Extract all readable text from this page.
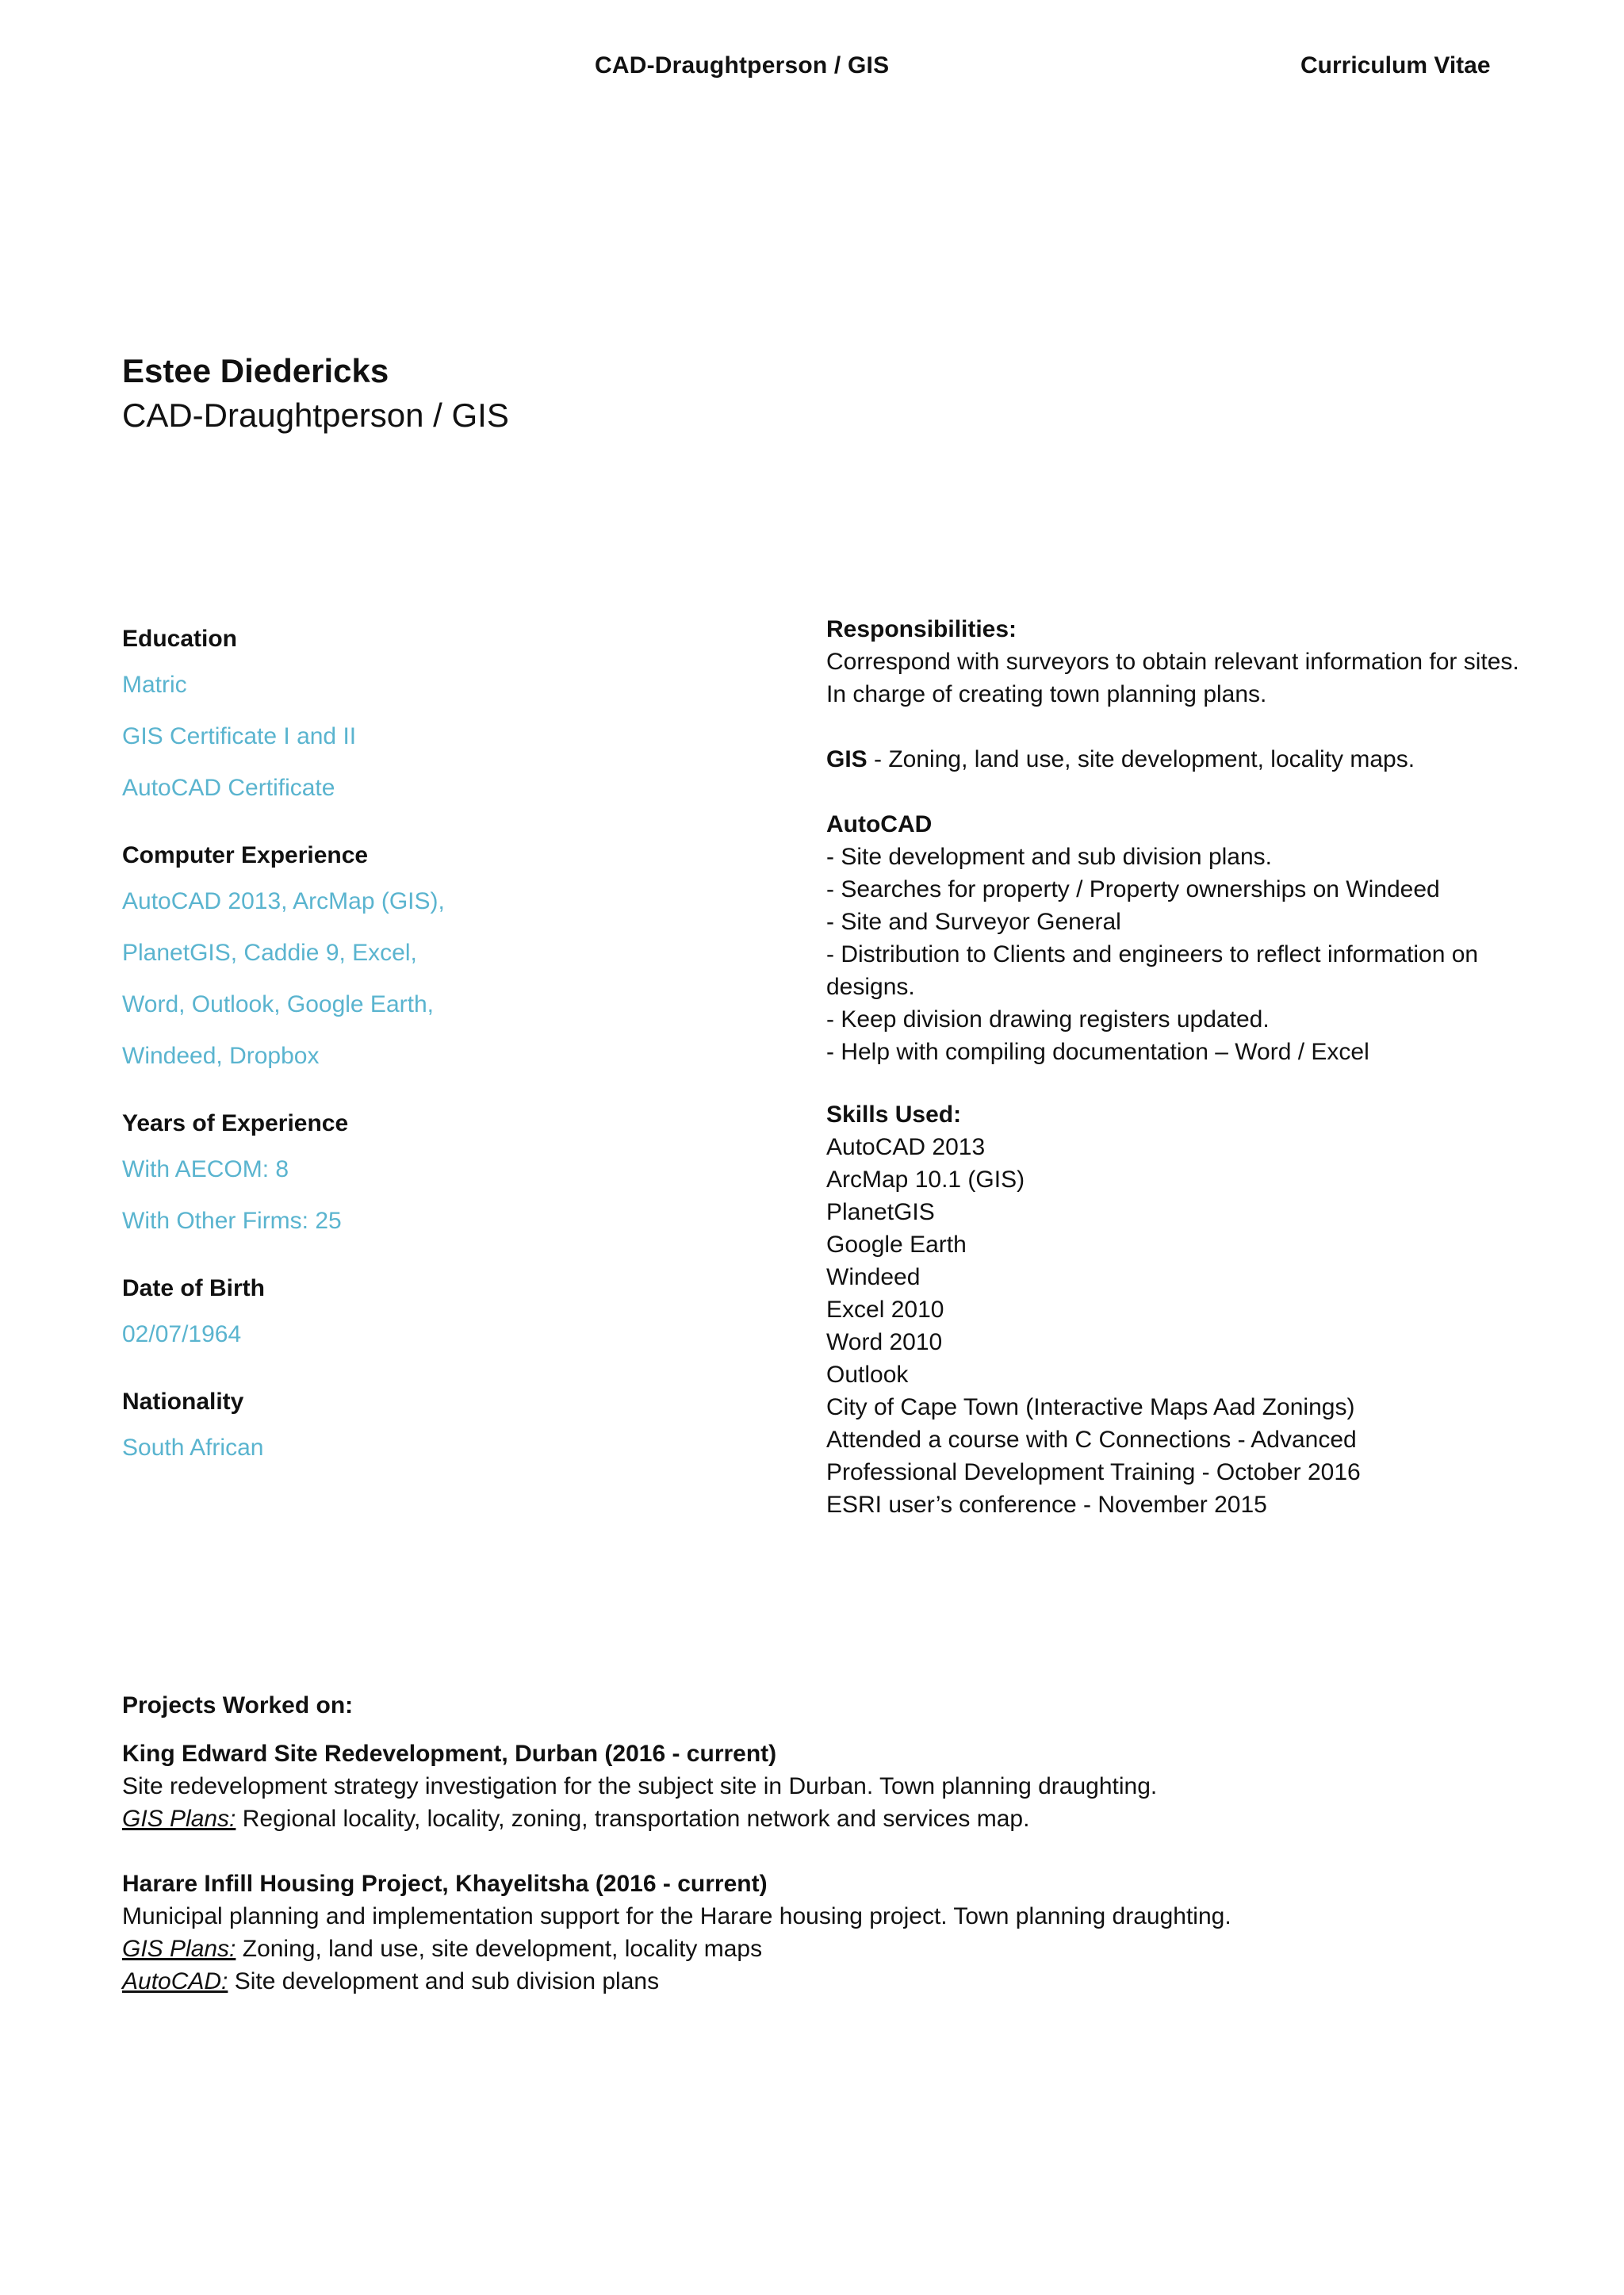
CAD-Draughtperson / GIS	Curriculum Vitae
Estee Diedericks
CAD-Draughtperson / GIS
Education
Matric
GIS Certificate I and II
AutoCAD Certificate
Computer Experience
AutoCAD 2013, ArcMap (GIS),
PlanetGIS, Caddie 9, Excel,
Word, Outlook, Google Earth,
Windeed, Dropbox
Years of Experience
With AECOM: 8
With Other Firms: 25
Date of Birth
02/07/1964
Nationality
South African
Responsibilities:
Correspond with surveyors to obtain relevant information for sites.
In charge of creating town planning plans.
GIS - Zoning, land use, site development, locality maps.
AutoCAD
- Site development and sub division plans.
- Searches for property / Property ownerships on Windeed
- Site and Surveyor General
- Distribution to Clients and engineers to reflect information on designs.
- Keep division drawing registers updated.
- Help with compiling documentation – Word / Excel
Skills Used:
AutoCAD 2013
ArcMap 10.1 (GIS)
PlanetGIS
Google Earth
Windeed
Excel 2010
Word 2010
Outlook
City of Cape Town (Interactive Maps Aad Zonings)
Attended a course with C Connections - Advanced
Professional Development Training - October 2016
ESRI user’s conference - November 2015
Projects Worked on:
King Edward Site Redevelopment, Durban (2016 - current)
Site redevelopment strategy investigation for the subject site in Durban. Town planning draughting.
GIS Plans: Regional locality, locality, zoning, transportation network and services map.
Harare Infill Housing Project, Khayelitsha (2016 - current)
Municipal planning and implementation support for the Harare housing project. Town planning draughting.
GIS Plans: Zoning, land use, site development, locality maps
AutoCAD: Site development and sub division plans
